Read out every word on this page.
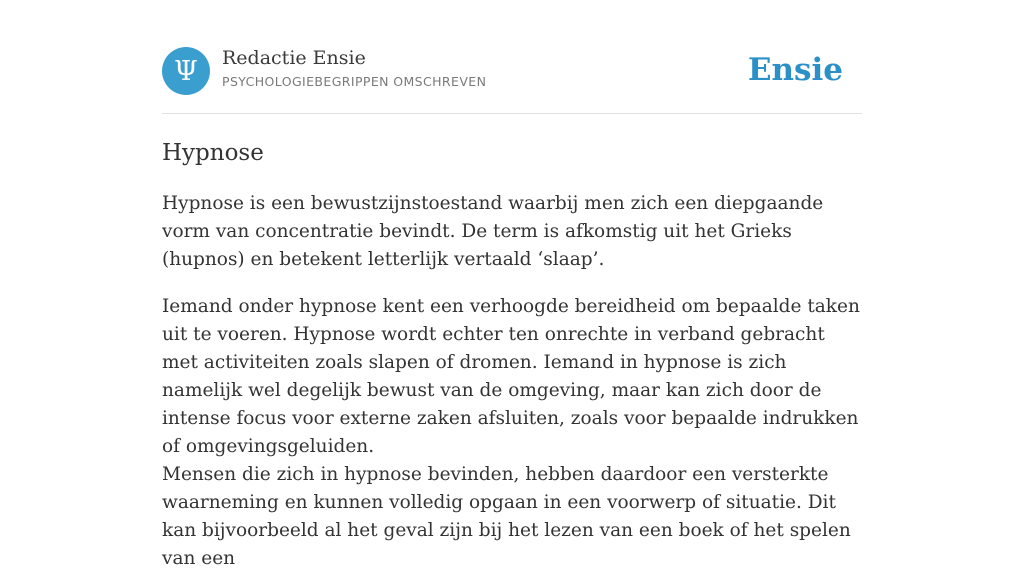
Ψ	Redactie Ensie
PSYCHOLOGIEBEGRIPPEN OMSCHREVEN	Ensie
Hypnose

Hypnose is een bewustzijnstoestand waarbij men zich een diepgaande vorm van concentratie bevindt. De term is afkomstig uit het Grieks (hupnos) en betekent letterlijk vertaald ‘slaap’.

Iemand onder hypnose kent een verhoogde bereidheid om bepaalde taken uit te voeren. Hypnose wordt echter ten onrechte in verband gebracht met activiteiten zoals slapen of dromen. Iemand in hypnose is zich namelijk wel degelijk bewust van de omgeving, maar kan zich door de intense focus voor externe zaken afsluiten, zoals voor bepaalde indrukken of omgevingsgeluiden.
Mensen die zich in hypnose bevinden, hebben daardoor een versterkte waarneming en kunnen volledig opgaan in een voorwerp of situatie. Dit kan bijvoorbeeld al het geval zijn bij het lezen van een boek of het spelen van een
